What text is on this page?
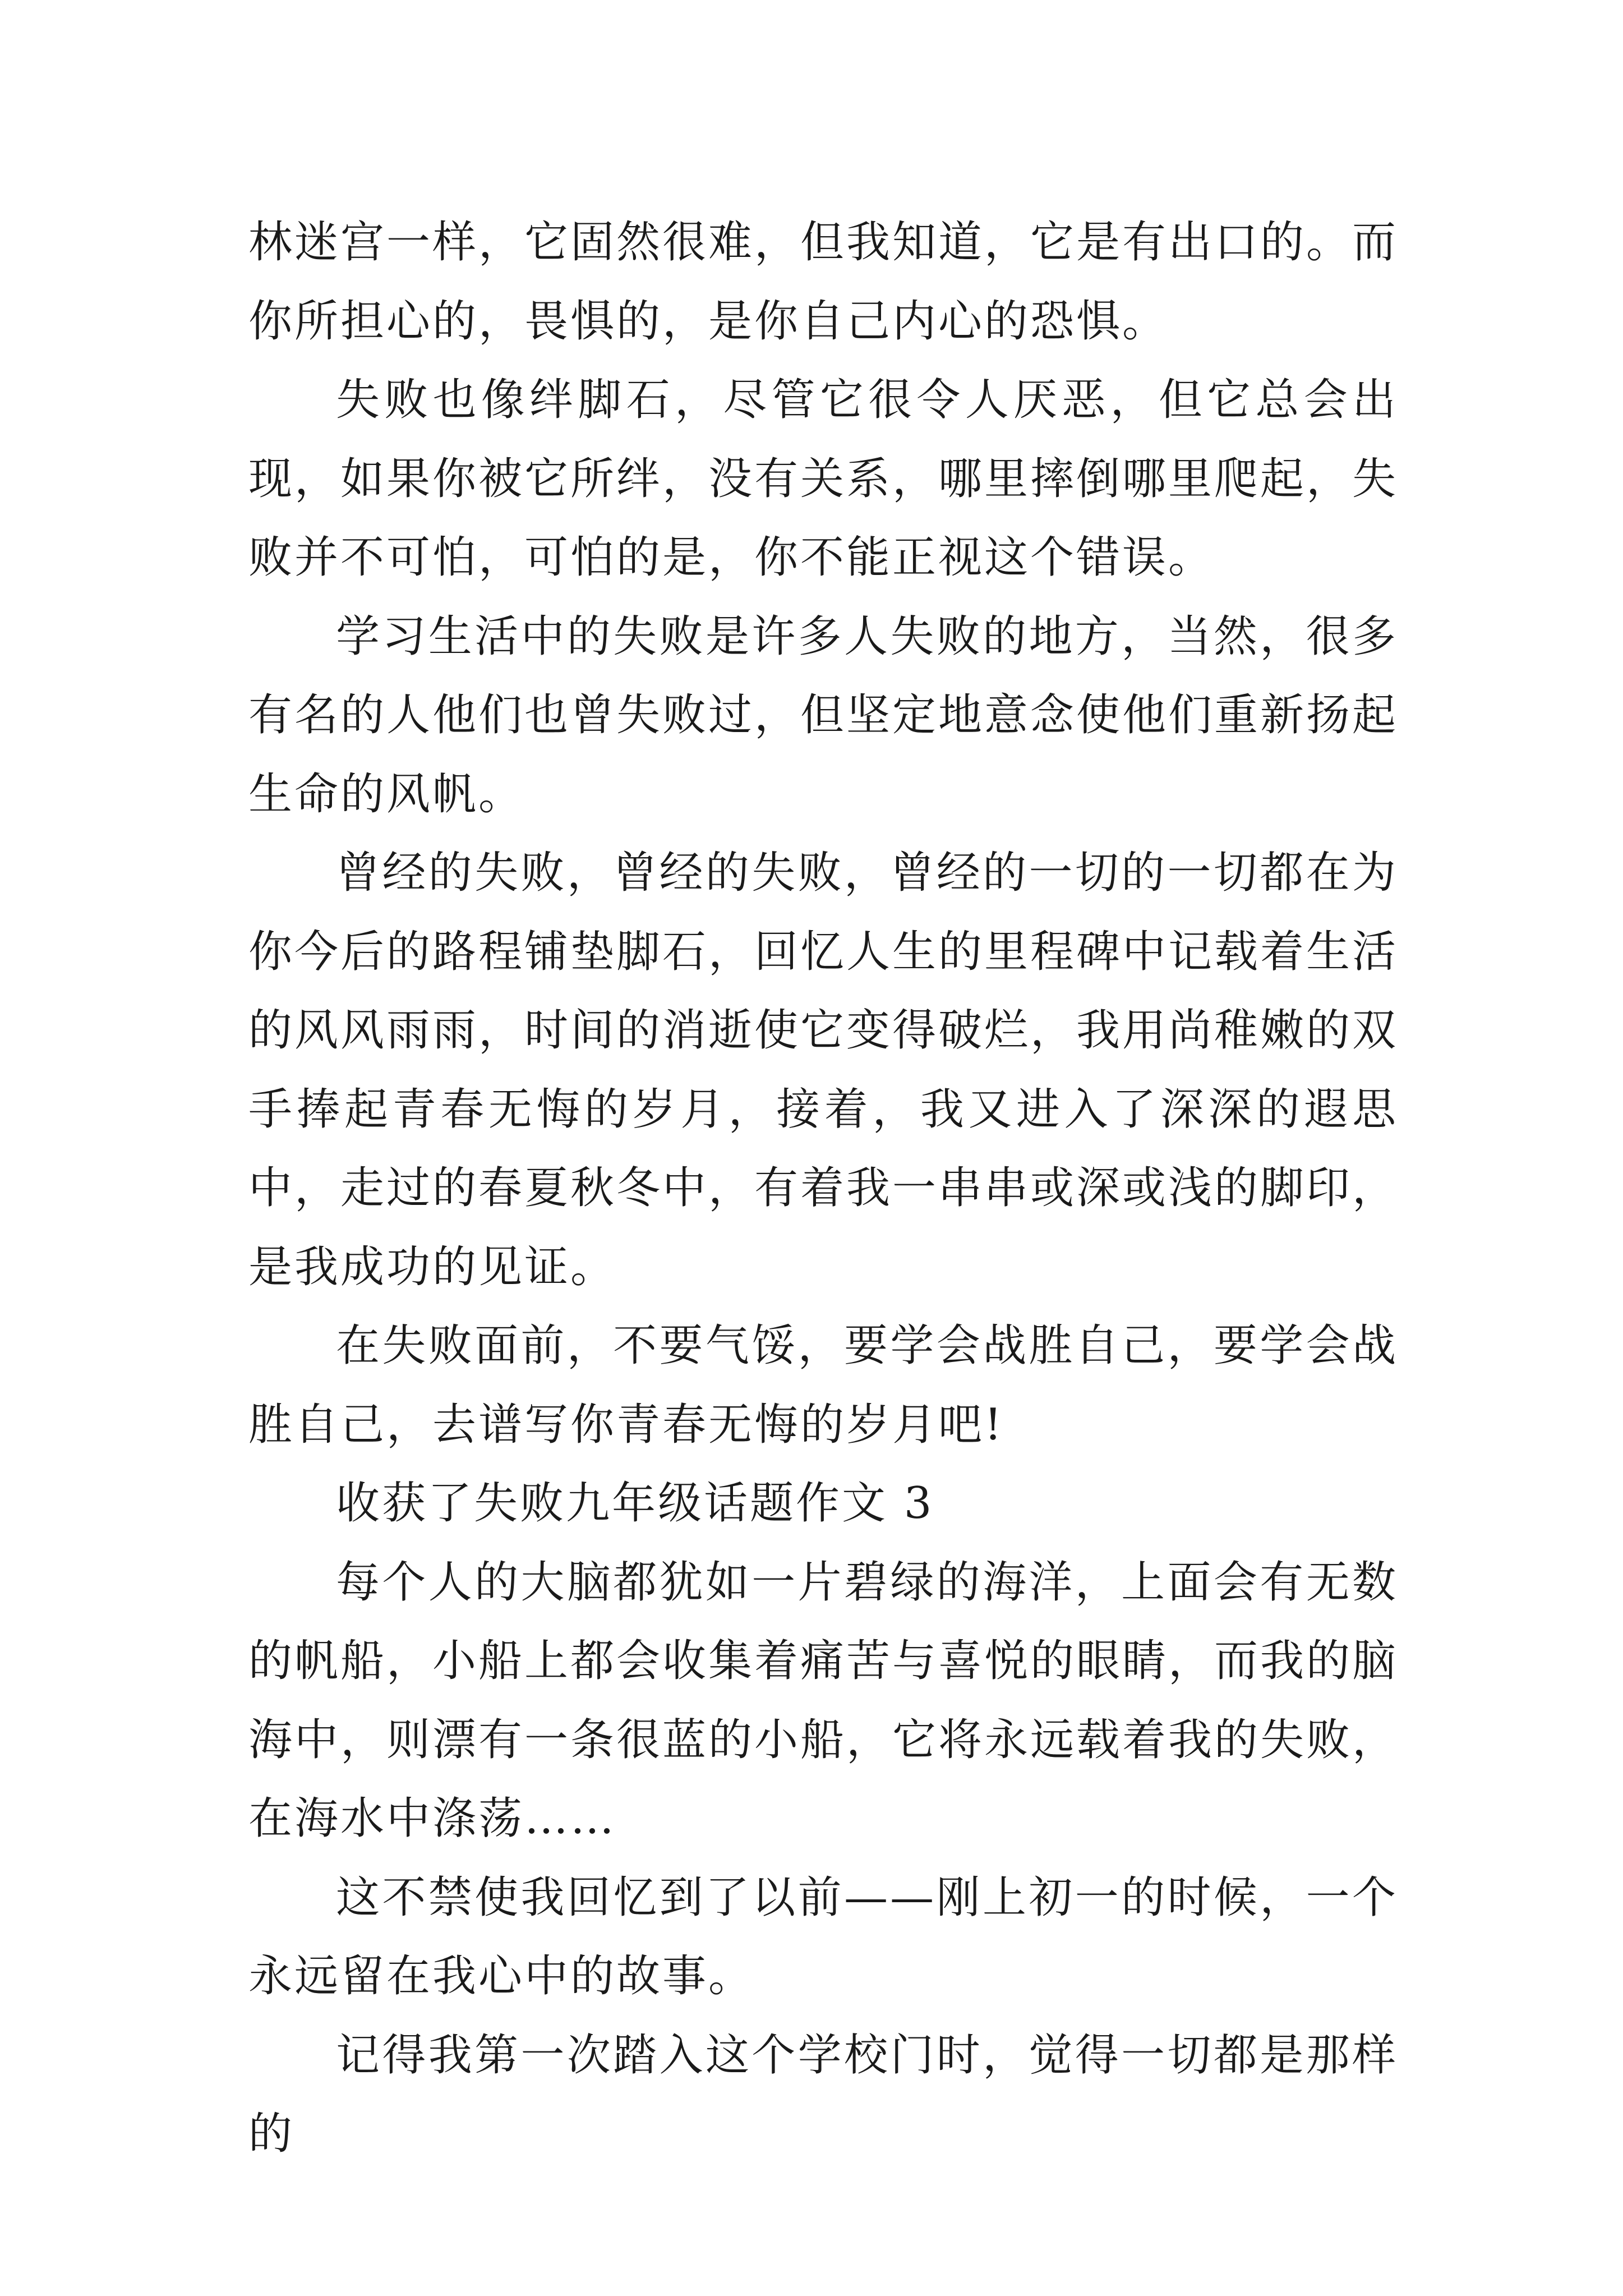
林迷宫一样，它固然很难，但我知道，它是有出口的。而你所担心的，畏惧的，是你自己内心的恐惧。

失败也像绊脚石，尽管它很令人厌恶，但它总会出现，如果你被它所绊，没有关系，哪里摔倒哪里爬起，失败并不可怕，可怕的是，你不能正视这个错误。

学习生活中的失败是许多人失败的地方，当然，很多有名的人他们也曾失败过，但坚定地意念使他们重新扬起生命的风帆。

曾经的失败，曾经的失败，曾经的一切的一切都在为你今后的路程铺垫脚石，回忆人生的里程碑中记载着生活的风风雨雨，时间的消逝使它变得破烂，我用尚稚嫩的双手捧起青春无悔的岁月，接着，我又进入了深深的遐思中，走过的春夏秋冬中，有着我一串串或深或浅的脚印，是我成功的见证。

在失败面前，不要气馁，要学会战胜自己，要学会战胜自己，去谱写你青春无悔的岁月吧!

收获了失败九年级话题作文 3

每个人的大脑都犹如一片碧绿的海洋，上面会有无数的帆船，小船上都会收集着痛苦与喜悦的眼睛，而我的脑海中，则漂有一条很蓝的小船，它将永远载着我的失败，在海水中涤荡……

这不禁使我回忆到了以前——刚上初一的时候，一个永远留在我心中的故事。

记得我第一次踏入这个学校门时，觉得一切都是那样的
